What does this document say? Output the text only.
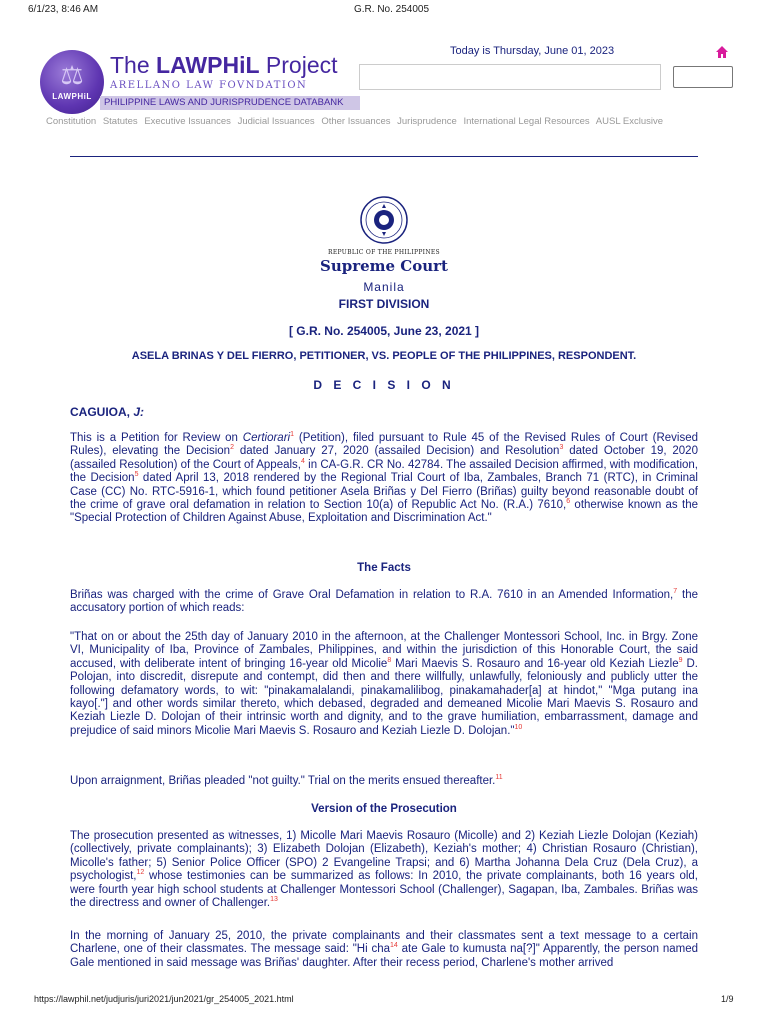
6/1/23, 8:46 AM	G.R. No. 254005
⚖
LAWPHiL
The LAWPHiL Project
ARELLANO LAW FOVNDATION
PHILIPPINE LAWS AND JURISPRUDENCE DATABANK
Today is Thursday, June 01, 2023
Constitution Statutes Executive Issuances Judicial Issuances Other Issuances Jurisprudence International Legal Resources AUSL Exclusive
REPUBLIC OF THE PHILIPPINES
Supreme Court
Manila
FIRST DIVISION
[ G.R. No. 254005, June 23, 2021 ]
ASELA BRINAS Y DEL FIERRO, PETITIONER, VS. PEOPLE OF THE PHILIPPINES, RESPONDENT.
D E C I S I O N
CAGUIOA, J:

This is a Petition for Review on Certiorari$^1$ (Petition), filed pursuant to Rule 45 of the Revised Rules of Court (Revised Rules), elevating the Decision$^2$ dated January 27, 2020 (assailed Decision) and Resolution$^3$ dated October 19, 2020 (assailed Resolution) of the Court of Appeals,$^4$ in CA-G.R. CR No. 42784. The assailed Decision affirmed, with modification, the Decision$^5$ dated April 13, 2018 rendered by the Regional Trial Court of Iba, Zambales, Branch 71 (RTC), in Criminal Case (CC) No. RTC-5916-1, which found petitioner Asela Briñas y Del Fierro (Briñas) guilty beyond reasonable doubt of the crime of grave oral defamation in relation to Section 10(a) of Republic Act No. (R.A.) 7610,$^6$ otherwise known as the "Special Protection of Children Against Abuse, Exploitation and Discrimination Act."

The Facts

Briñas was charged with the crime of Grave Oral Defamation in relation to R.A. 7610 in an Amended Information,$^7$ the accusatory portion of which reads:

"That on or about the 25th day of January 2010 in the afternoon, at the Challenger Montessori School, Inc. in Brgy. Zone VI, Municipality of Iba, Province of Zambales, Philippines, and within the jurisdiction of this Honorable Court, the said accused, with deliberate intent of bringing 16-year old Micolie$^8$ Mari Maevis S. Rosauro and 16-year old Keziah Liezle$^9$ D. Polojan, into discredit, disrepute and contempt, did then and there willfully, unlawfully, feloniously and publicly utter the following defamatory words, to wit: "pinakamalalandi, pinakamalilibog, pinakamahader[a] at hindot," "Mga putang ina kayo[."] and other words similar thereto, which debased, degraded and demeaned Micolie Mari Maevis S. Rosauro and Keziah Liezle D. Dolojan of their intrinsic worth and dignity, and to the grave humiliation, embarrassment, damage and prejudice of said minors Micolie Mari Maevis S. Rosauro and Keziah Liezle D. Dolojan."$^{10}$

Upon arraignment, Briñas pleaded "not guilty." Trial on the merits ensued thereafter.$^{11}$

Version of the Prosecution

The prosecution presented as witnesses, 1) Micolle Mari Maevis Rosauro (Micolle) and 2) Keziah Liezle Dolojan (Keziah) (collectively, private complainants); 3) Elizabeth Dolojan (Elizabeth), Keziah's mother; 4) Christian Rosauro (Christian), Micolle's father; 5) Senior Police Officer (SPO) 2 Evangeline Trapsi; and 6) Martha Johanna Dela Cruz (Dela Cruz), a psychologist,$^{12}$ whose testimonies can be summarized as follows: In 2010, the private complainants, both 16 years old, were fourth year high school students at Challenger Montessori School (Challenger), Sagapan, Iba, Zambales. Briñas was the directress and owner of Challenger.$^{13}$

In the morning of January 25, 2010, the private complainants and their classmates sent a text message to a certain Charlene, one of their classmates. The message said: "Hi cha$^{14}$ ate Gale to kumusta na[?]" Apparently, the person named Gale mentioned in said message was Briñas' daughter. After their recess period, Charlene's mother arrived

https://lawphil.net/judjuris/juri2021/jun2021/gr_254005_2021.html	1/9
